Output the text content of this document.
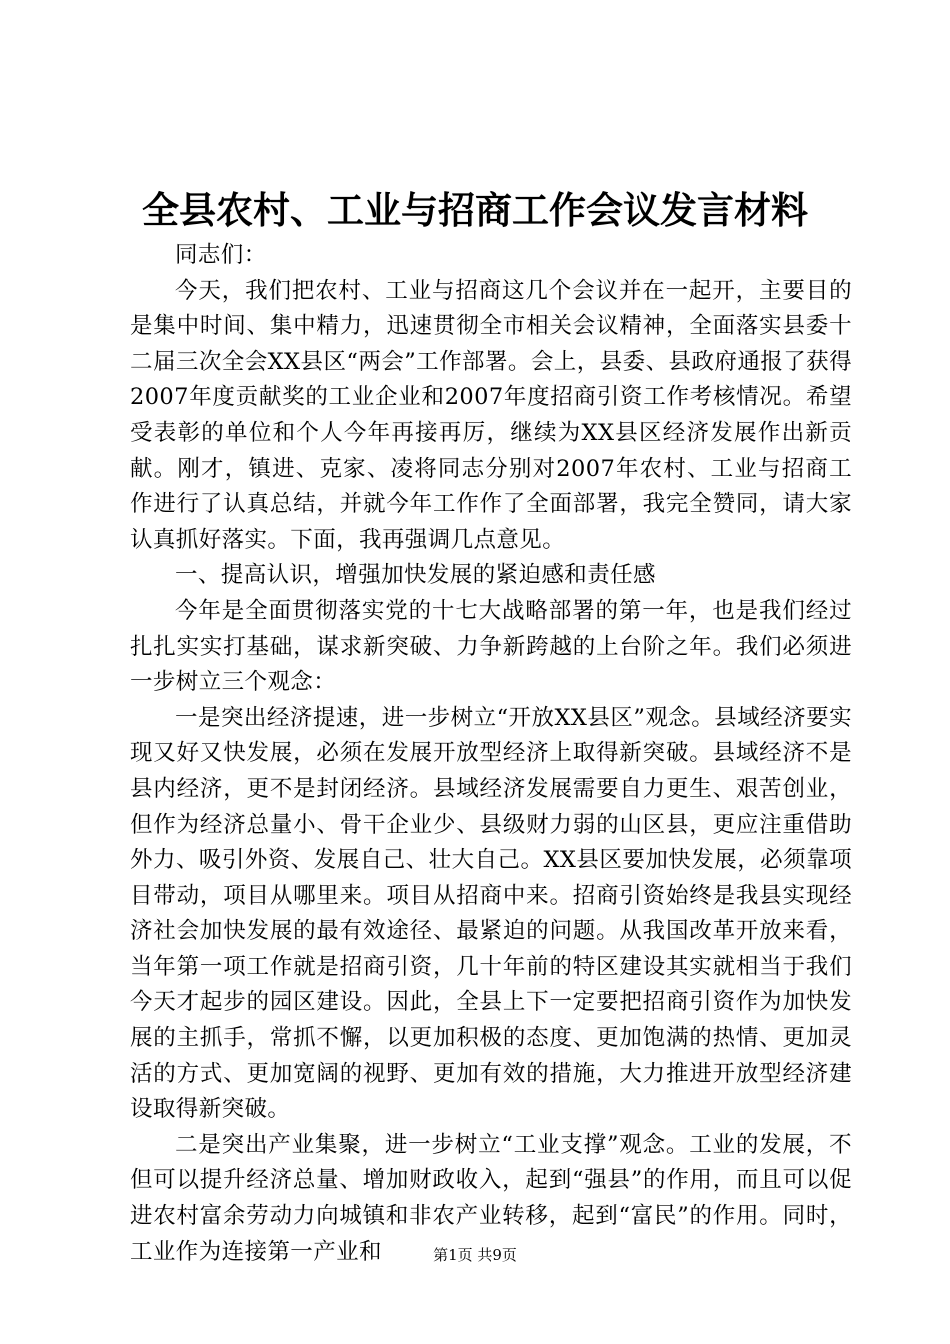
全县农村、工业与招商工作会议发言材料

同志们：

今天，我们把农村、工业与招商这几个会议并在一起开，主要目的是集中时间、集中精力，迅速贯彻全市相关会议精神，全面落实县委十二届三次全会XX县区“两会”工作部署。会上，县委、县政府通报了获得2007年度贡献奖的工业企业和2007年度招商引资工作考核情况。希望受表彰的单位和个人今年再接再厉，继续为XX县区经济发展作出新贡献。刚才，镇进、克家、凌将同志分别对2007年农村、工业与招商工作进行了认真总结，并就今年工作作了全面部署，我完全赞同，请大家认真抓好落实。下面，我再强调几点意见。

一、提高认识，增强加快发展的紧迫感和责任感

今年是全面贯彻落实党的十七大战略部署的第一年，也是我们经过扎扎实实打基础，谋求新突破、力争新跨越的上台阶之年。我们必须进一步树立三个观念：

一是突出经济提速，进一步树立“开放XX县区”观念。县域经济要实现又好又快发展，必须在发展开放型经济上取得新突破。县域经济不是县内经济，更不是封闭经济。县域经济发展需要自力更生、艰苦创业，但作为经济总量小、骨干企业少、县级财力弱的山区县，更应注重借助外力、吸引外资、发展自己、壮大自己。XX县区要加快发展，必须靠项目带动，项目从哪里来。项目从招商中来。招商引资始终是我县实现经济社会加快发展的最有效途径、最紧迫的问题。从我国改革开放来看，当年第一项工作就是招商引资，几十年前的特区建设其实就相当于我们今天才起步的园区建设。因此，全县上下一定要把招商引资作为加快发展的主抓手，常抓不懈，以更加积极的态度、更加饱满的热情、更加灵活的方式、更加宽阔的视野、更加有效的措施，大力推进开放型经济建设取得新突破。

二是突出产业集聚，进一步树立“工业支撑”观念。工业的发展，不但可以提升经济总量、增加财政收入，起到“强县”的作用，而且可以促进农村富余劳动力向城镇和非农产业转移，起到“富民”的作用。同时，工业作为连接第一产业和	第1页 共9页
